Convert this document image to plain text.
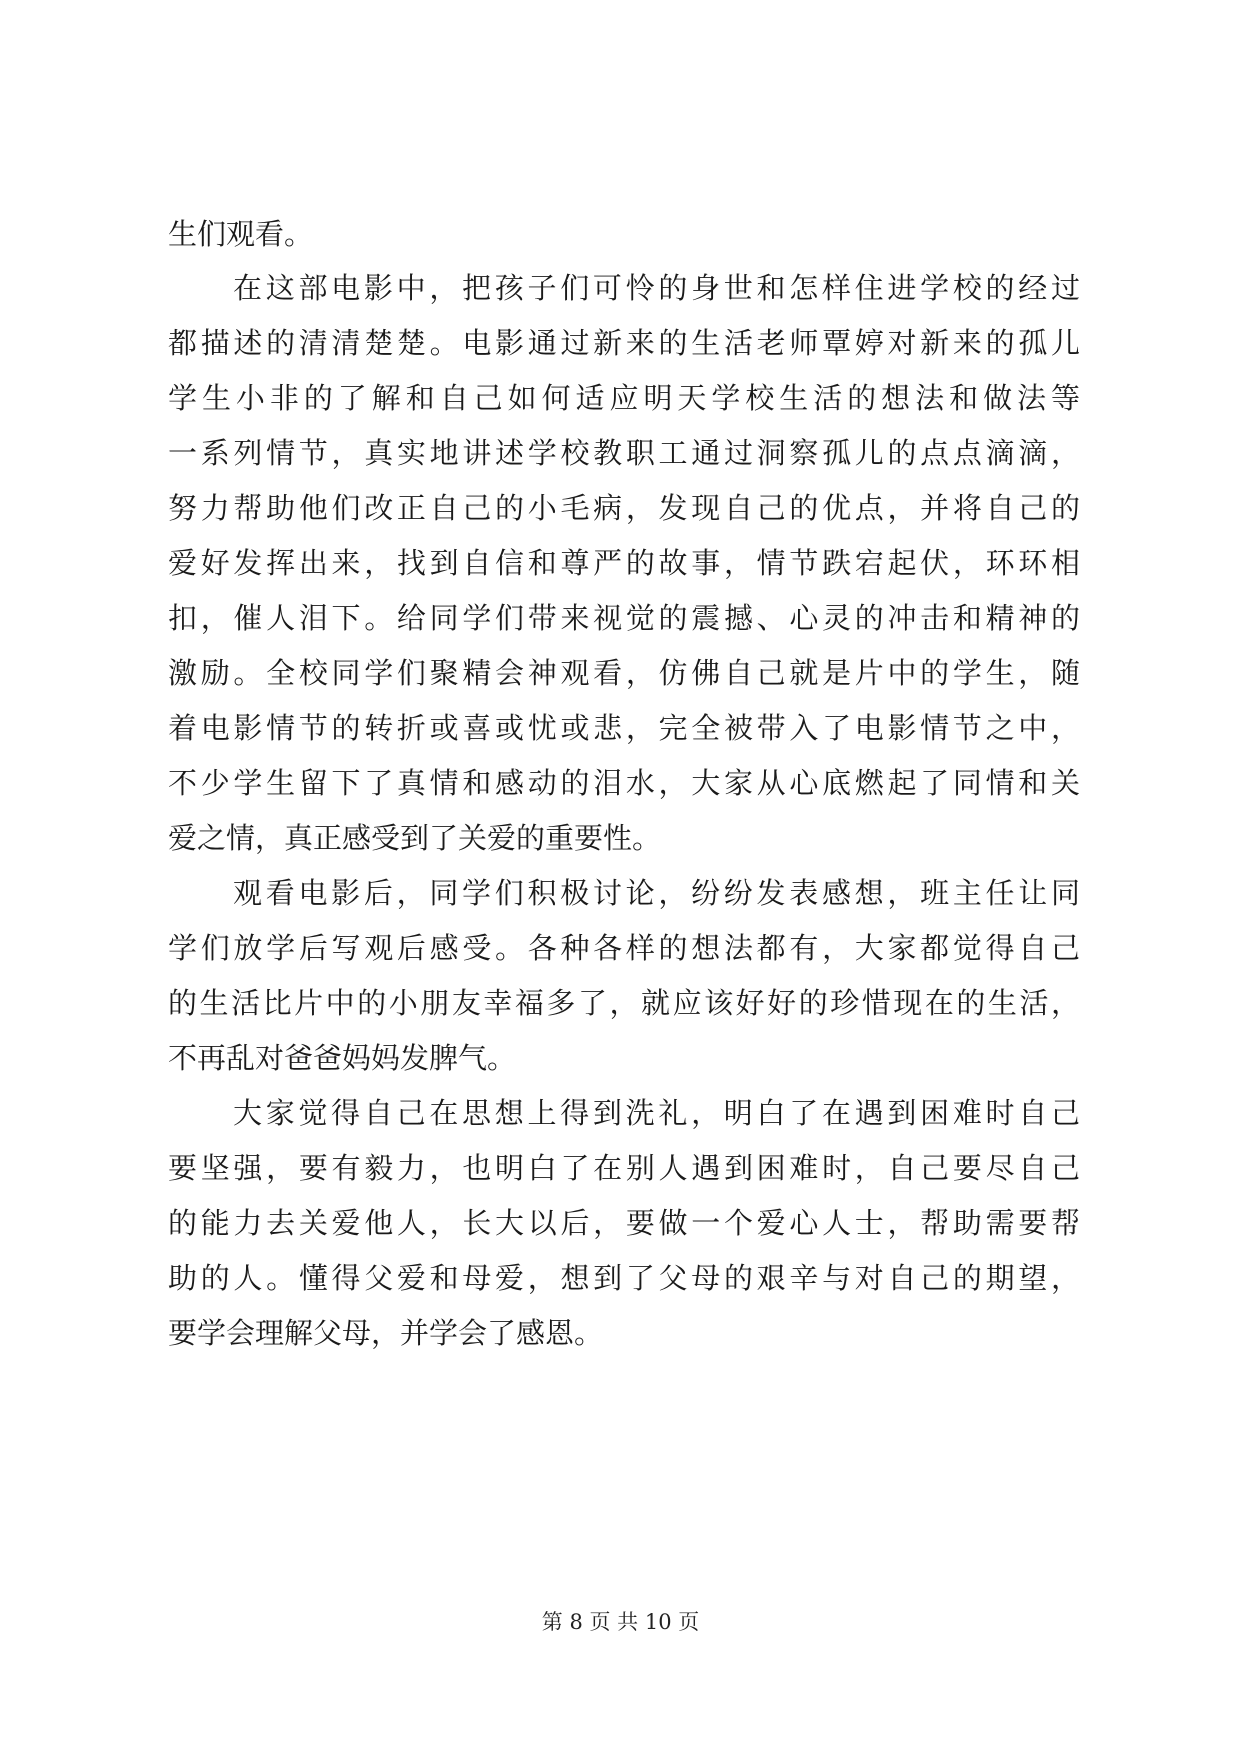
生们观看。
在这部电影中，把孩子们可怜的身世和怎样住进学校的经过
都描述的清清楚楚。电影通过新来的生活老师覃婷对新来的孤儿
学生小非的了解和自己如何适应明天学校生活的想法和做法等
一系列情节，真实地讲述学校教职工通过洞察孤儿的点点滴滴，
努力帮助他们改正自己的小毛病，发现自己的优点，并将自己的
爱好发挥出来，找到自信和尊严的故事，情节跌宕起伏，环环相
扣，催人泪下。给同学们带来视觉的震撼、心灵的冲击和精神的
激励。全校同学们聚精会神观看，仿佛自己就是片中的学生，随
着电影情节的转折或喜或忧或悲，完全被带入了电影情节之中，
不少学生留下了真情和感动的泪水，大家从心底燃起了同情和关
爱之情，真正感受到了关爱的重要性。
观看电影后，同学们积极讨论，纷纷发表感想，班主任让同
学们放学后写观后感受。各种各样的想法都有，大家都觉得自己
的生活比片中的小朋友幸福多了，就应该好好的珍惜现在的生活，
不再乱对爸爸妈妈发脾气。
大家觉得自己在思想上得到洗礼，明白了在遇到困难时自己
要坚强，要有毅力，也明白了在别人遇到困难时，自己要尽自己
的能力去关爱他人，长大以后，要做一个爱心人士，帮助需要帮
助的人。懂得父爱和母爱，想到了父母的艰辛与对自己的期望，
要学会理解父母，并学会了感恩。
第 8 页 共 10 页
